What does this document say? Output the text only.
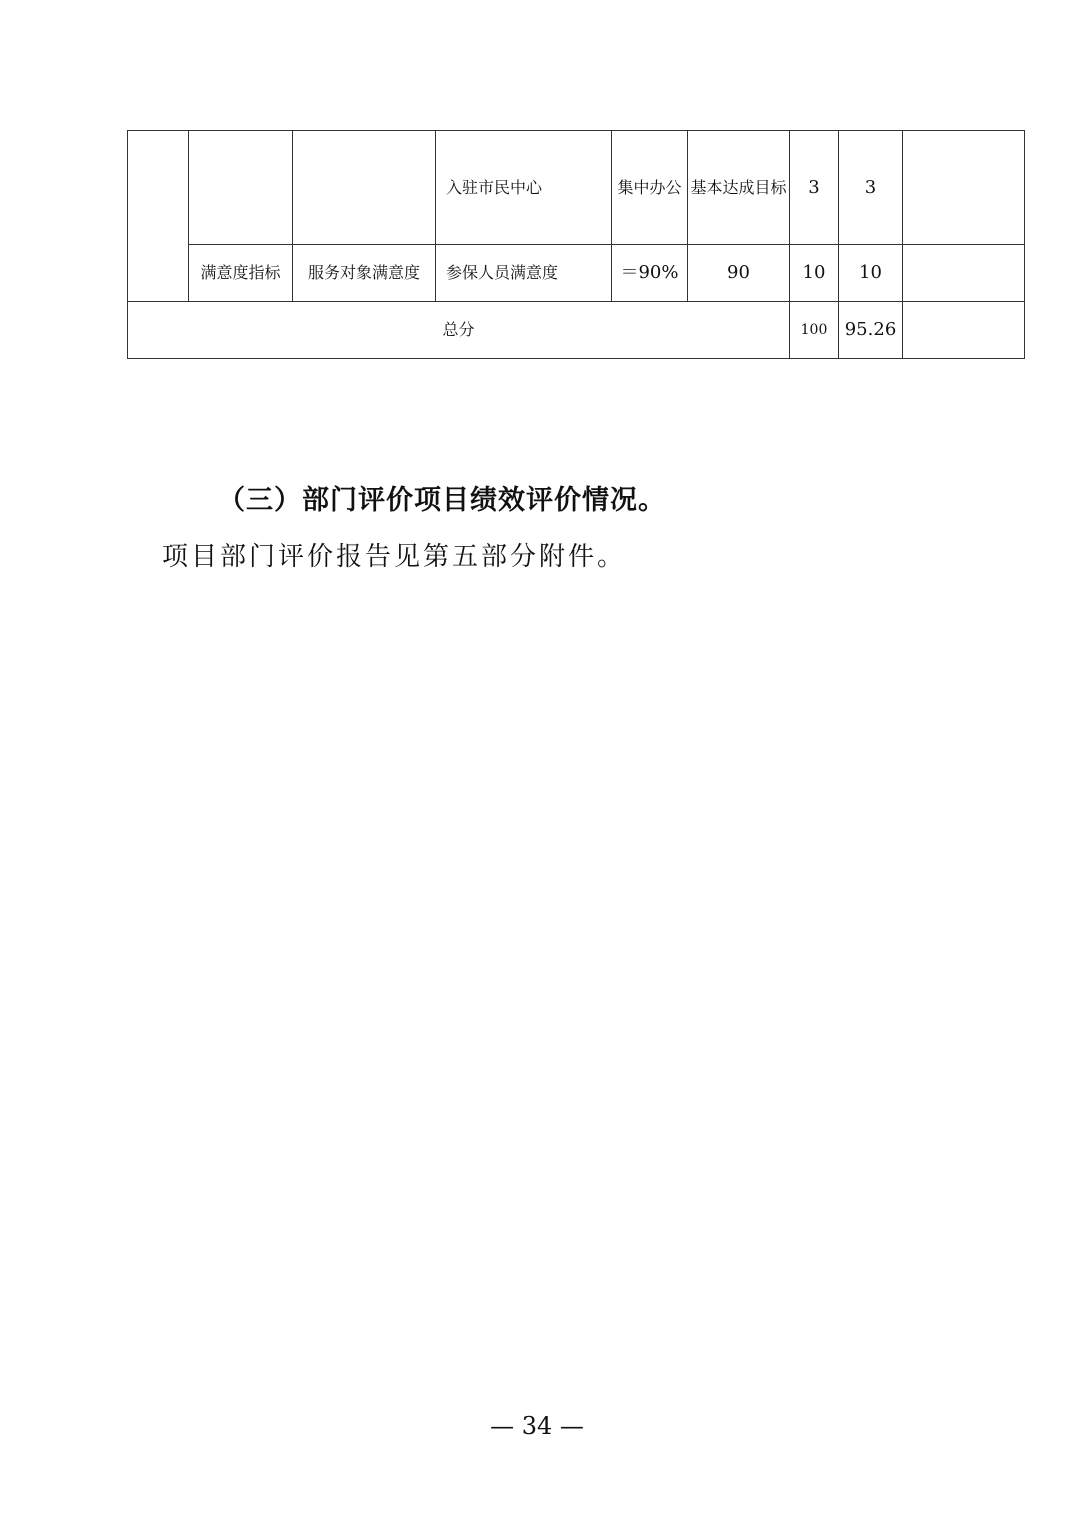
			入驻市民中心	集中办公	基本达成目标	3	3	
	满意度指标	服务对象满意度	参保人员满意度	＝90%	90	10	10	
总分						100	95.26	
（三）部门评价项目绩效评价情况。
项目部门评价报告见第五部分附件。
— 34 —
